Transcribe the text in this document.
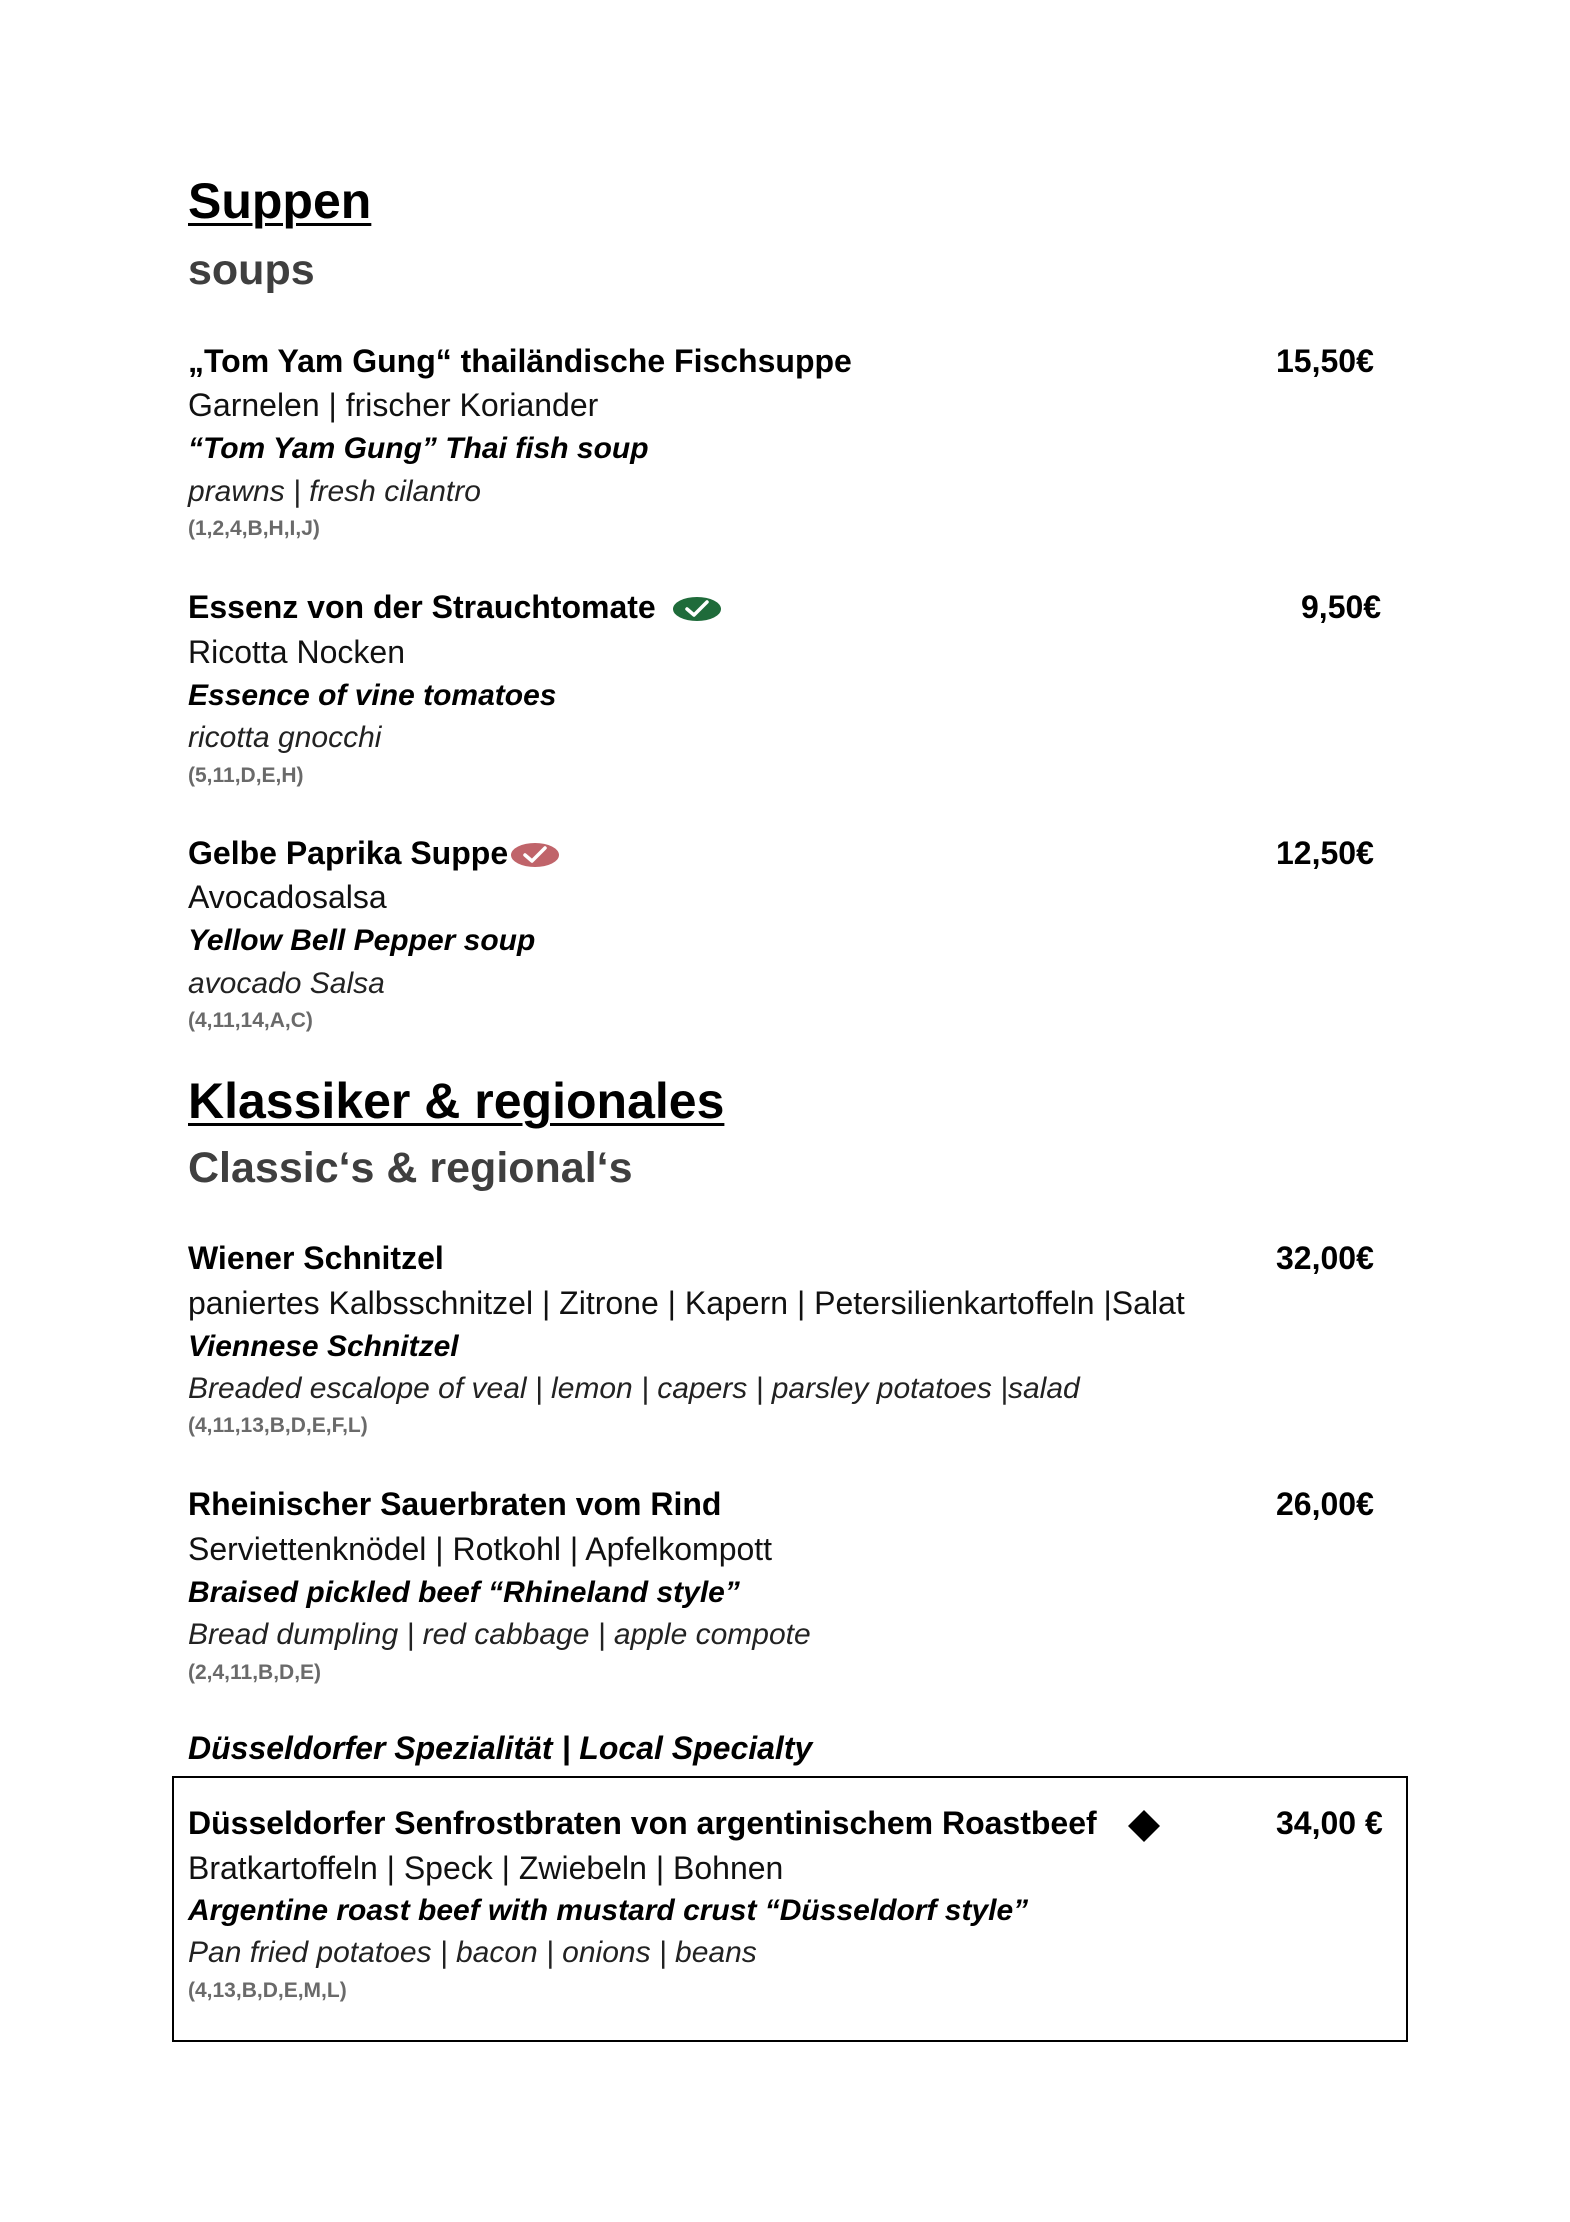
Suppen
soups
„Tom Yam Gung“ thailändische Fischsuppe	15,50€
Garnelen | frischer Koriander
“Tom Yam Gung” Thai fish soup
prawns | fresh cilantro
(1,2,4,B,H,I,J)
Essenz von der Strauchtomate	9,50€
Ricotta Nocken
Essence of vine tomatoes
ricotta gnocchi
(5,11,D,E,H)
Gelbe Paprika Suppe	12,50€
Avocadosalsa
Yellow Bell Pepper soup
avocado Salsa
(4,11,14,A,C)
Klassiker & regionales
Classic‘s & regional‘s
Wiener Schnitzel	32,00€
paniertes Kalbsschnitzel | Zitrone | Kapern | Petersilienkartoffeln |Salat
Viennese Schnitzel
Breaded escalope of veal | lemon | capers | parsley potatoes |salad
(4,11,13,B,D,E,F,L)
Rheinischer Sauerbraten vom Rind	26,00€
Serviettenknödel | Rotkohl | Apfelkompott
Braised pickled beef “Rhineland style”
Bread dumpling | red cabbage | apple compote
(2,4,11,B,D,E)
Düsseldorfer Spezialität | Local Specialty
Düsseldorfer Senfrostbraten von argentinischem Roastbeef	34,00 €
Bratkartoffeln | Speck | Zwiebeln | Bohnen
Argentine roast beef with mustard crust “Düsseldorf style”
Pan fried potatoes | bacon | onions | beans
(4,13,B,D,E,M,L)
